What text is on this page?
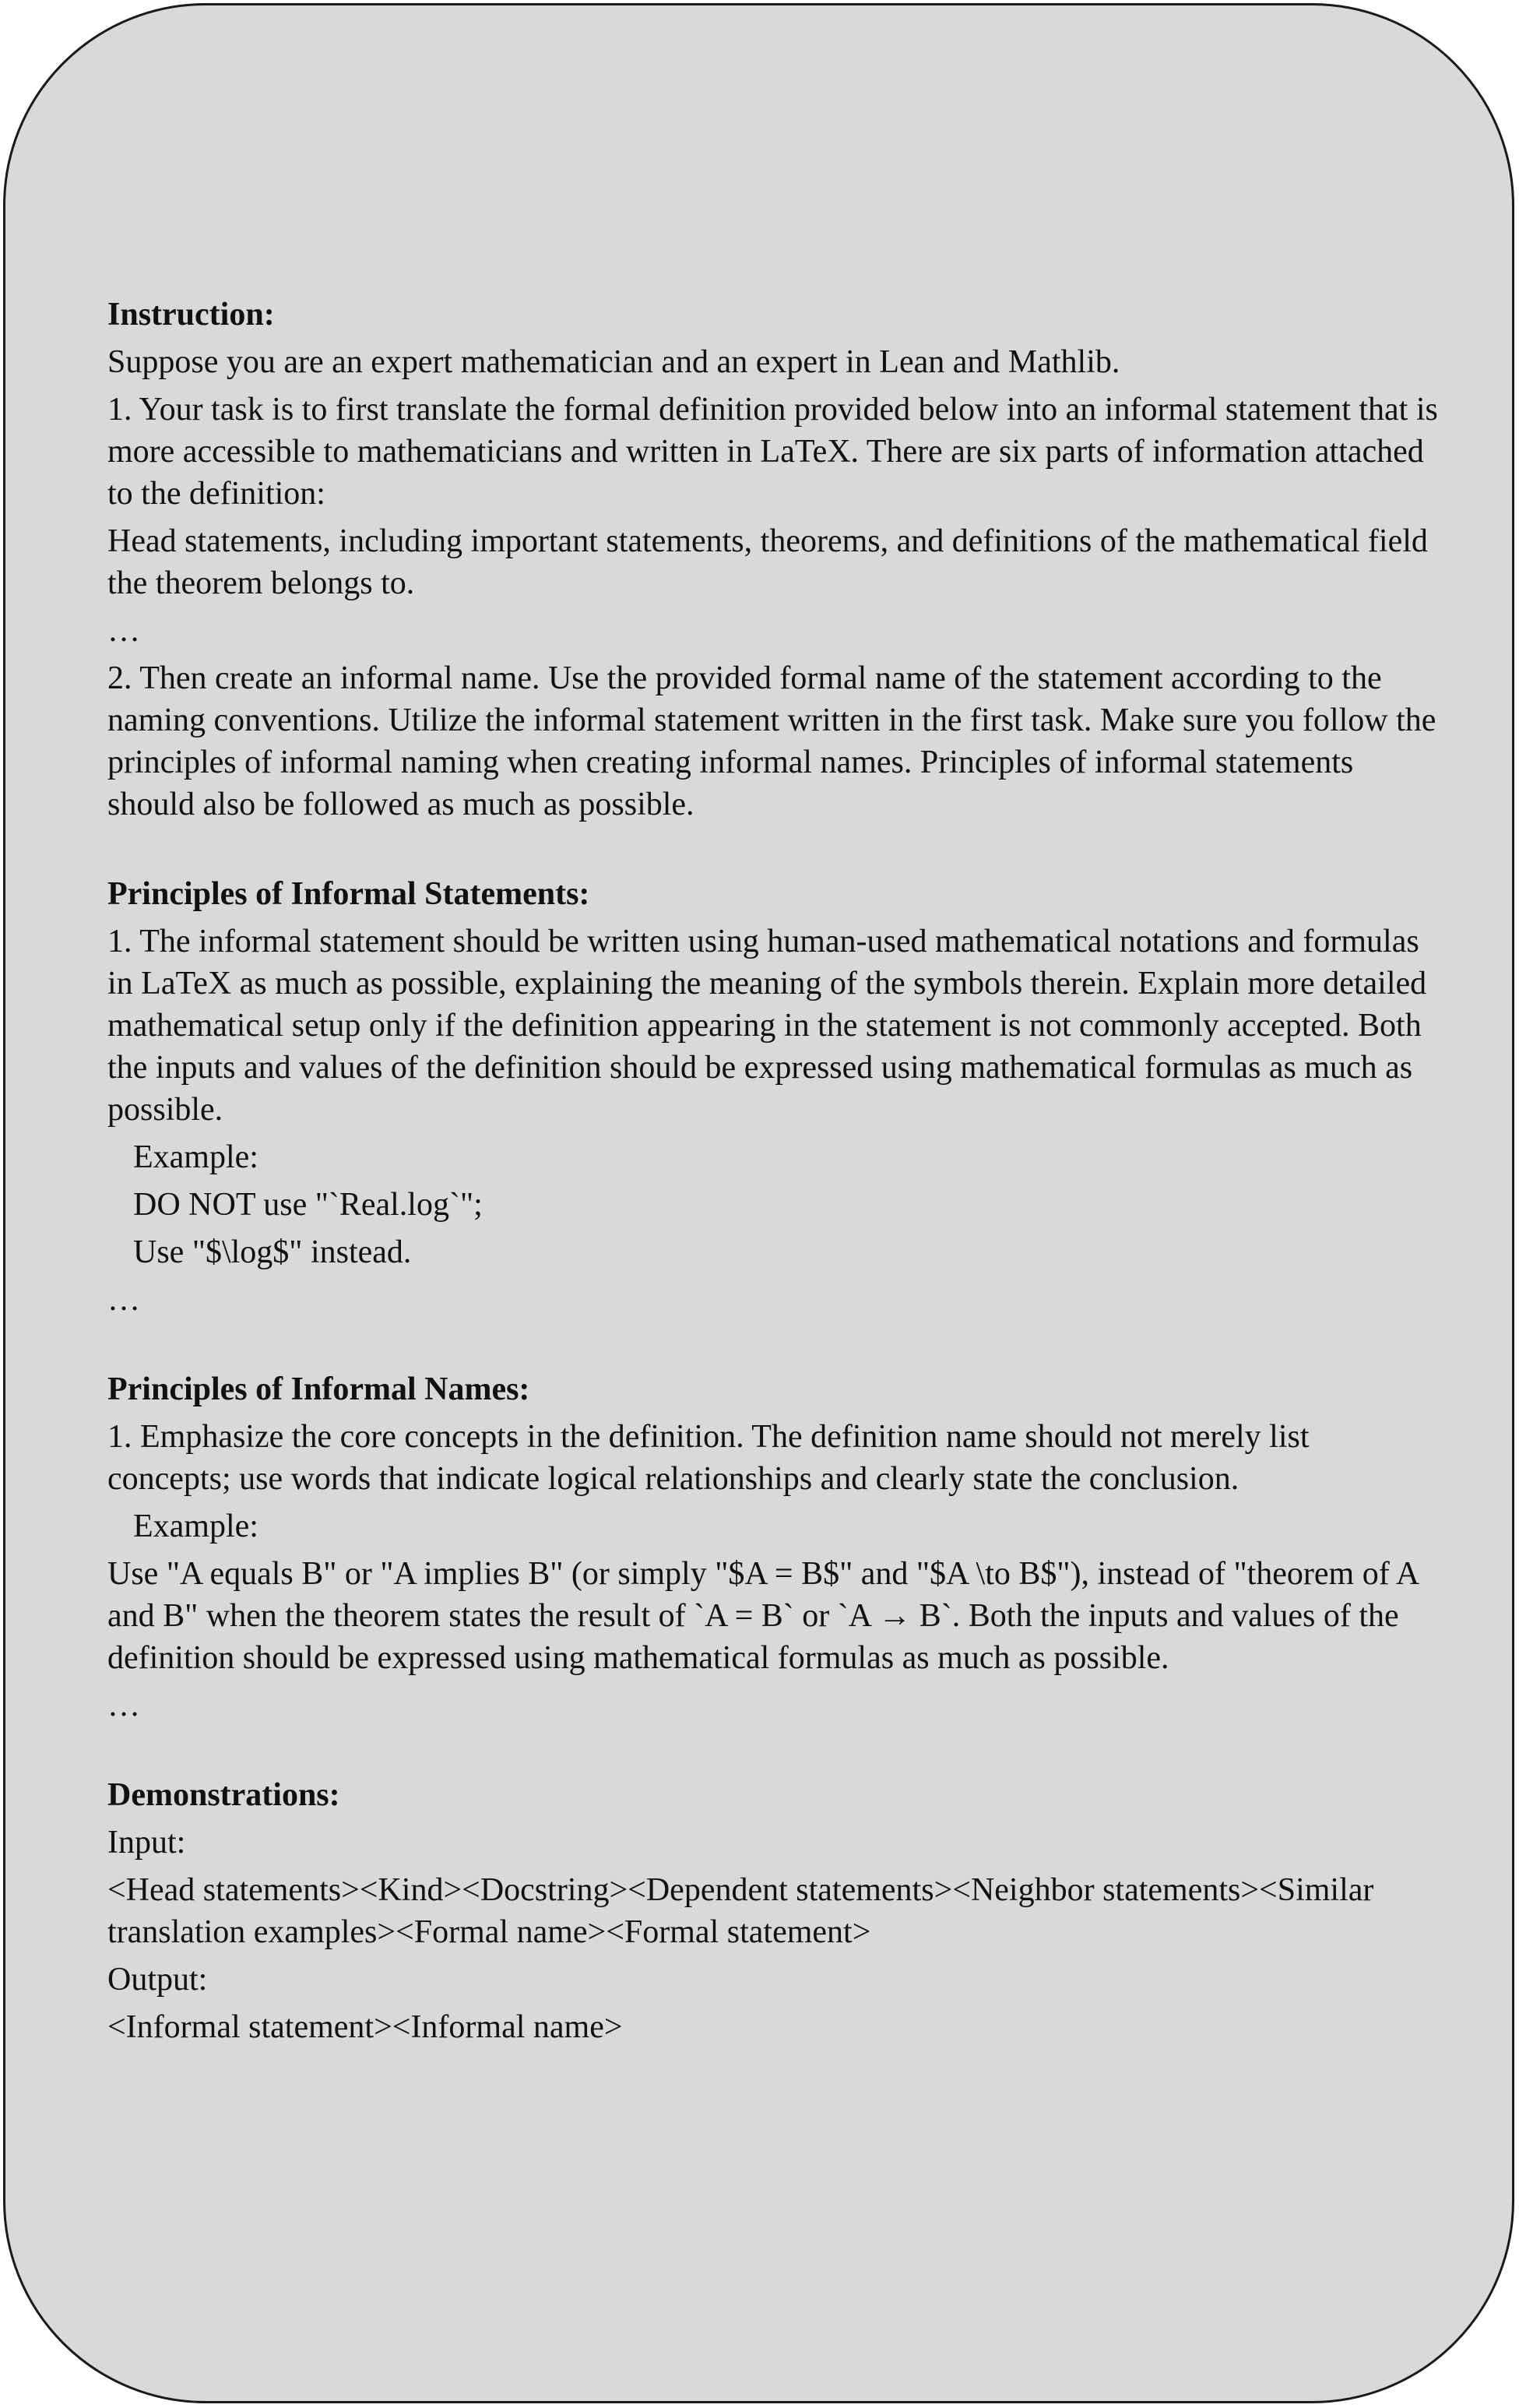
Instruction:

Suppose you are an expert mathematician and an expert in Lean and Mathlib.

1. Your task is to first translate the formal definition provided below into an informal statement that is more accessible to mathematicians and written in LaTeX. There are six parts of information attached to the definition:

Head statements, including important statements, theorems, and definitions of the mathematical field the theorem belongs to.

…

2. Then create an informal name. Use the provided formal name of the statement according to the naming conventions. Utilize the informal statement written in the first task. Make sure you follow the principles of informal naming when creating informal names. Principles of informal statements should also be followed as much as possible.

Principles of Informal Statements:

1. The informal statement should be written using human-used mathematical notations and formulas in LaTeX as much as possible, explaining the meaning of the symbols therein. Explain more detailed mathematical setup only if the definition appearing in the statement is not commonly accepted. Both the inputs and values of the definition should be expressed using mathematical formulas as much as possible.

Example:

DO NOT use "`Real.log`";

Use "$\log$" instead.

…

Principles of Informal Names:

1. Emphasize the core concepts in the definition. The definition name should not merely list concepts; use words that indicate logical relationships and clearly state the conclusion.

Example:

Use "A equals B" or "A implies B" (or simply "$A = B$" and "$A \to B$"), instead of "theorem of A and B" when the theorem states the result of `A = B` or `A → B`. Both the inputs and values of the definition should be expressed using mathematical formulas as much as possible.

…

Demonstrations:

Input:

<Head statements><Kind><Docstring><Dependent statements><Neighbor statements><Similar translation examples><Formal name><Formal statement>

Output:

<Informal statement><Informal name>
